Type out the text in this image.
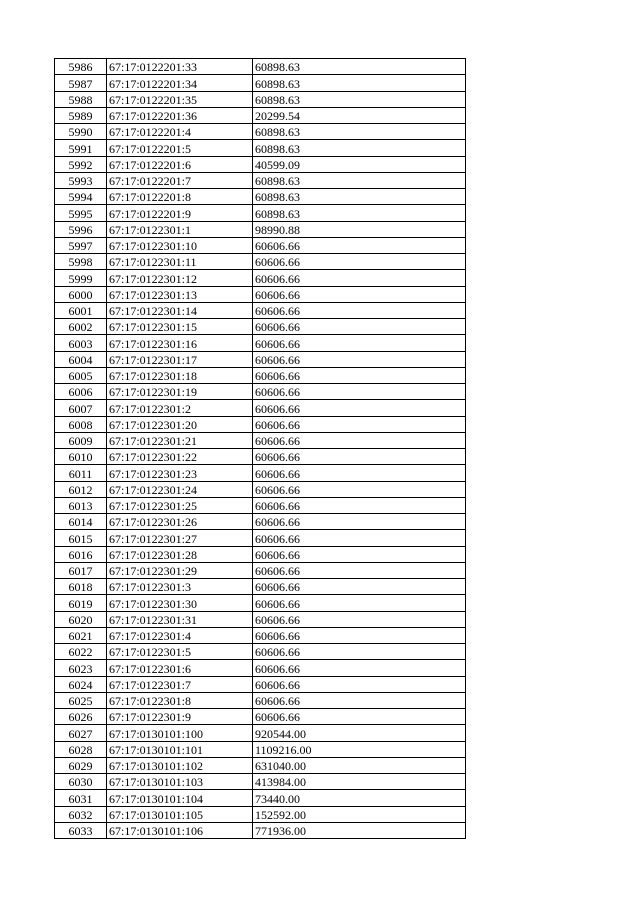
5986	67:17:0122201:33	60898.63
5987	67:17:0122201:34	60898.63
5988	67:17:0122201:35	60898.63
5989	67:17:0122201:36	20299.54
5990	67:17:0122201:4	60898.63
5991	67:17:0122201:5	60898.63
5992	67:17:0122201:6	40599.09
5993	67:17:0122201:7	60898.63
5994	67:17:0122201:8	60898.63
5995	67:17:0122201:9	60898.63
5996	67:17:0122301:1	98990.88
5997	67:17:0122301:10	60606.66
5998	67:17:0122301:11	60606.66
5999	67:17:0122301:12	60606.66
6000	67:17:0122301:13	60606.66
6001	67:17:0122301:14	60606.66
6002	67:17:0122301:15	60606.66
6003	67:17:0122301:16	60606.66
6004	67:17:0122301:17	60606.66
6005	67:17:0122301:18	60606.66
6006	67:17:0122301:19	60606.66
6007	67:17:0122301:2	60606.66
6008	67:17:0122301:20	60606.66
6009	67:17:0122301:21	60606.66
6010	67:17:0122301:22	60606.66
6011	67:17:0122301:23	60606.66
6012	67:17:0122301:24	60606.66
6013	67:17:0122301:25	60606.66
6014	67:17:0122301:26	60606.66
6015	67:17:0122301:27	60606.66
6016	67:17:0122301:28	60606.66
6017	67:17:0122301:29	60606.66
6018	67:17:0122301:3	60606.66
6019	67:17:0122301:30	60606.66
6020	67:17:0122301:31	60606.66
6021	67:17:0122301:4	60606.66
6022	67:17:0122301:5	60606.66
6023	67:17:0122301:6	60606.66
6024	67:17:0122301:7	60606.66
6025	67:17:0122301:8	60606.66
6026	67:17:0122301:9	60606.66
6027	67:17:0130101:100	920544.00
6028	67:17:0130101:101	1109216.00
6029	67:17:0130101:102	631040.00
6030	67:17:0130101:103	413984.00
6031	67:17:0130101:104	73440.00
6032	67:17:0130101:105	152592.00
6033	67:17:0130101:106	771936.00
